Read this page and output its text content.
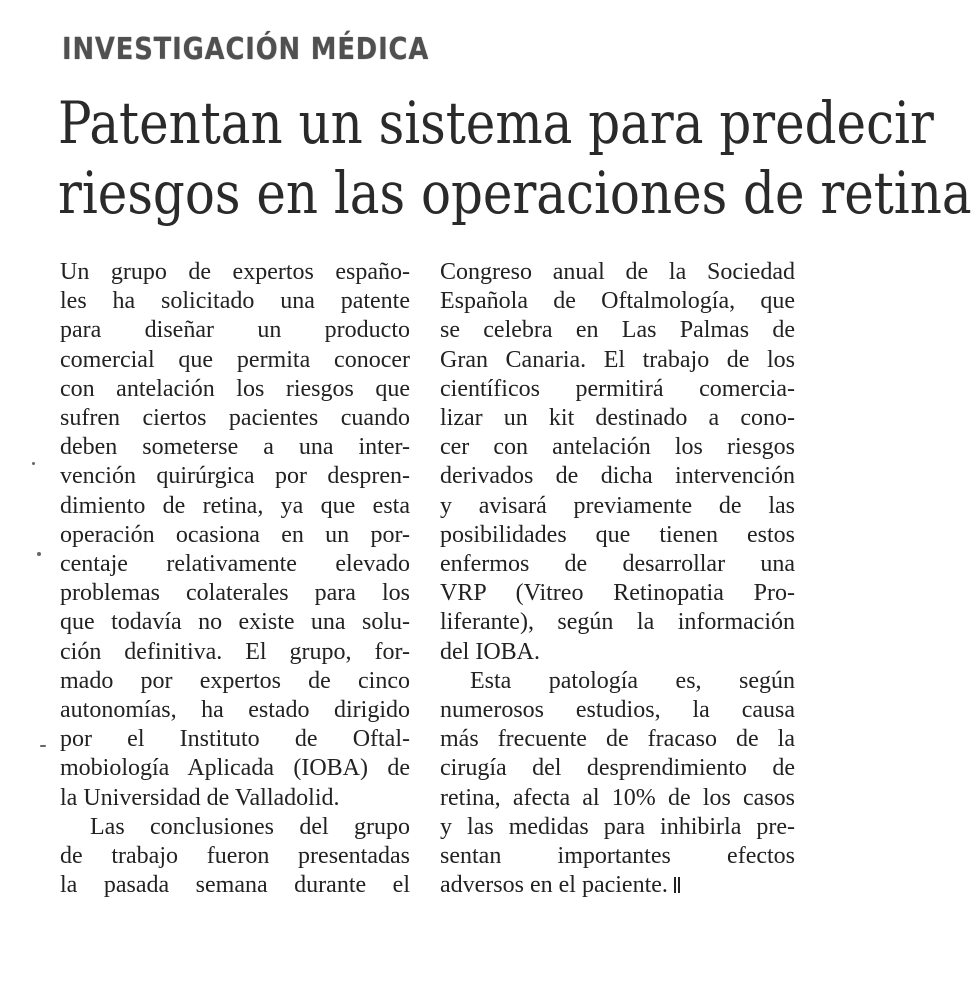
INVESTIGACIÓN MÉDICA
Patentan un sistema para predecir
riesgos en las operaciones de retina
Un grupo de expertos españo-
les ha solicitado una patente
para diseñar un producto
comercial que permita conocer
con antelación los riesgos que
sufren ciertos pacientes cuando
deben someterse a una inter-
vención quirúrgica por despren-
dimiento de retina, ya que esta
operación ocasiona en un por-
centaje relativamente elevado
problemas colaterales para los
que todavía no existe una solu-
ción definitiva. El grupo, for-
mado por expertos de cinco
autonomías, ha estado dirigido
por el Instituto de Oftal-
mobiología Aplicada (IOBA) de
la Universidad de Valladolid.
Las conclusiones del grupo
de trabajo fueron presentadas
la pasada semana durante el
Congreso anual de la Sociedad
Española de Oftalmología, que
se celebra en Las Palmas de
Gran Canaria. El trabajo de los
científicos permitirá comercia-
lizar un kit destinado a cono-
cer con antelación los riesgos
derivados de dicha intervención
y avisará previamente de las
posibilidades que tienen estos
enfermos de desarrollar una
VRP (Vitreo Retinopatia Pro-
liferante), según la información
del IOBA.
Esta patología es, según
numerosos estudios, la causa
más frecuente de fracaso de la
cirugía del desprendimiento de
retina, afecta al 10% de los casos
y las medidas para inhibirla pre-
sentan importantes efectos
adversos en el paciente.
